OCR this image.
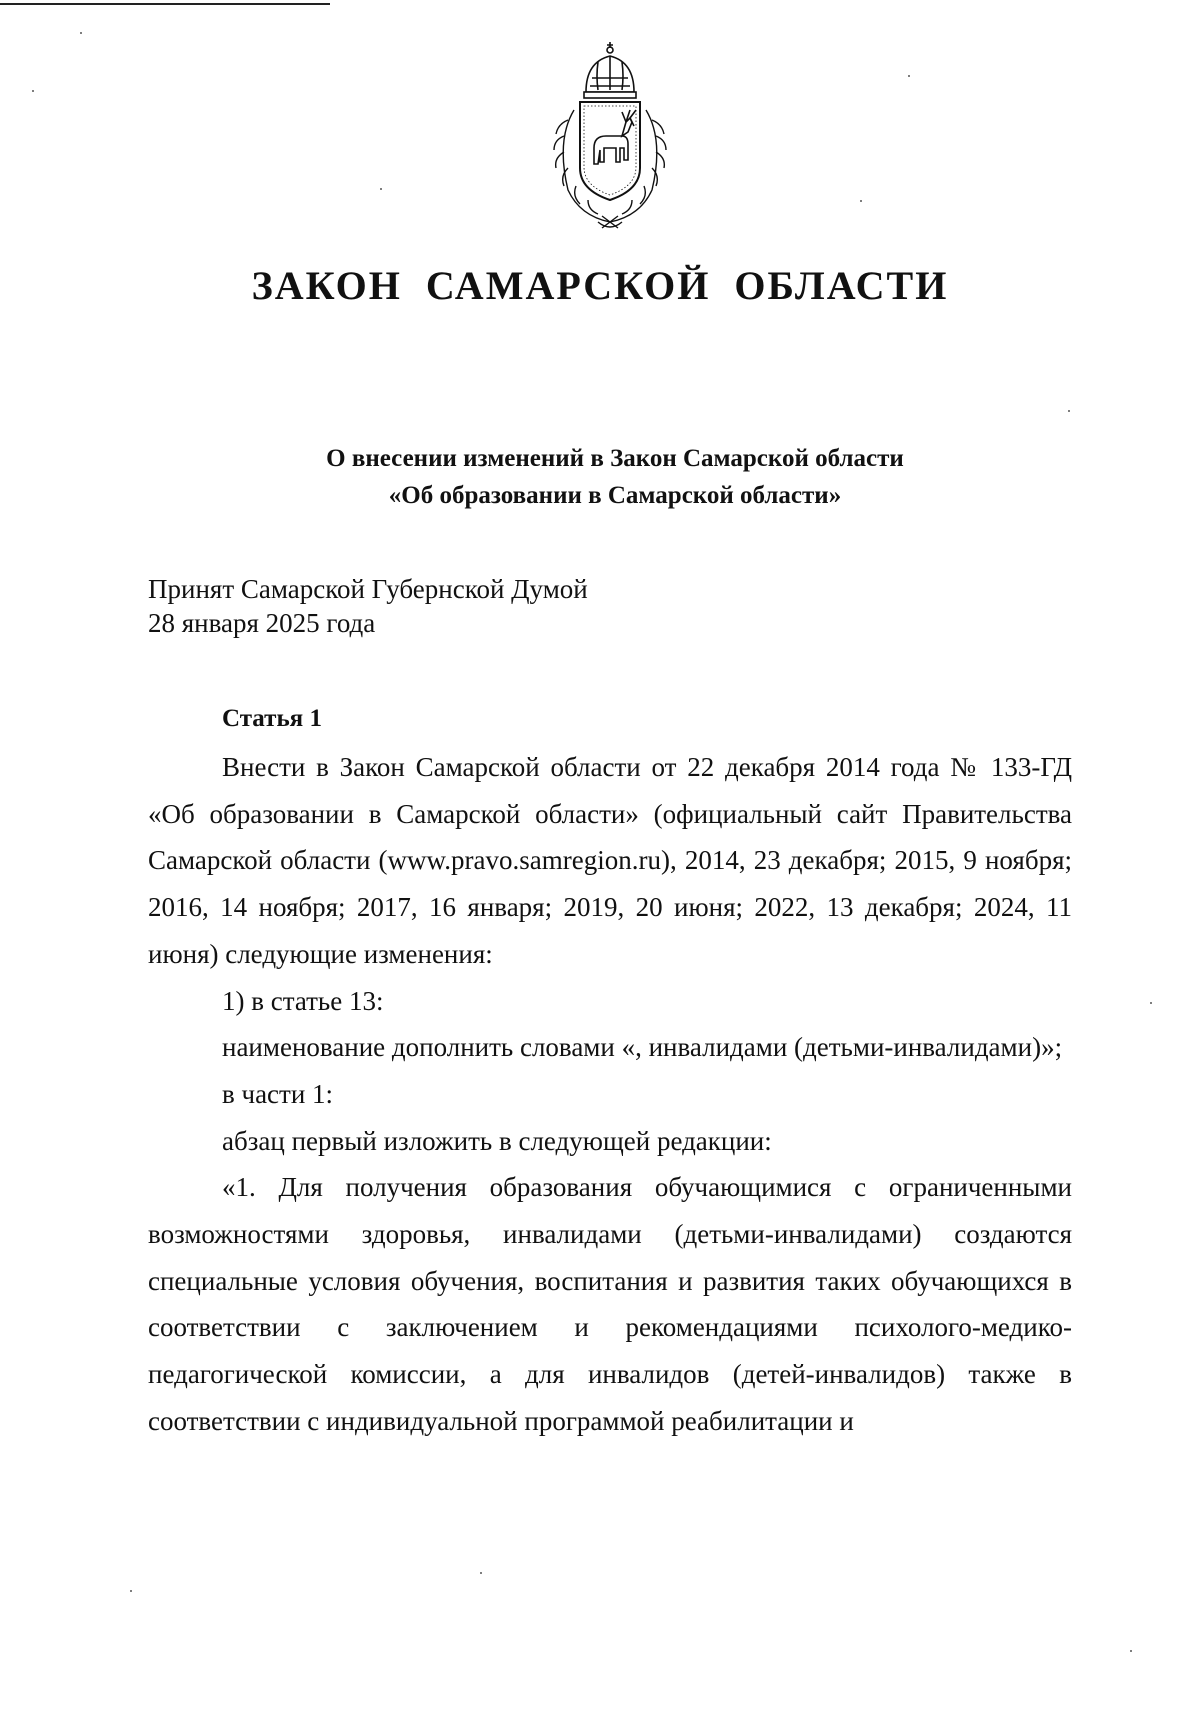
ЗАКОН САМАРСКОЙ ОБЛАСТИ
О внесении изменений в Закон Самарской области
«Об образовании в Самарской области»
Принят Самарской Губернской Думой
28 января 2025 года
Статья 1

Внести в Закон Самарской области от 22 декабря 2014 года № 133-ГД «Об образовании в Самарской области» (официальный сайт Правительства Самарской области (www.pravo.samregion.ru), 2014, 23 декабря; 2015, 9 ноября; 2016, 14 ноября; 2017, 16 января; 2019, 20 июня; 2022, 13 декабря; 2024, 11 июня) следующие изменения:

1) в статье 13:

наименование дополнить словами «, инвалидами (детьми-инвалидами)»;

в части 1:

абзац первый изложить в следующей редакции:

«1. Для получения образования обучающимися с ограниченными возможностями здоровья, инвалидами (детьми-инвалидами) создаются специальные условия обучения, воспитания и развития таких обучающихся в соответствии с заключением и рекомендациями психолого-медико-педагогической комиссии, а для инвалидов (детей-инвалидов) также в соответствии с индивидуальной программой реабилитации и
